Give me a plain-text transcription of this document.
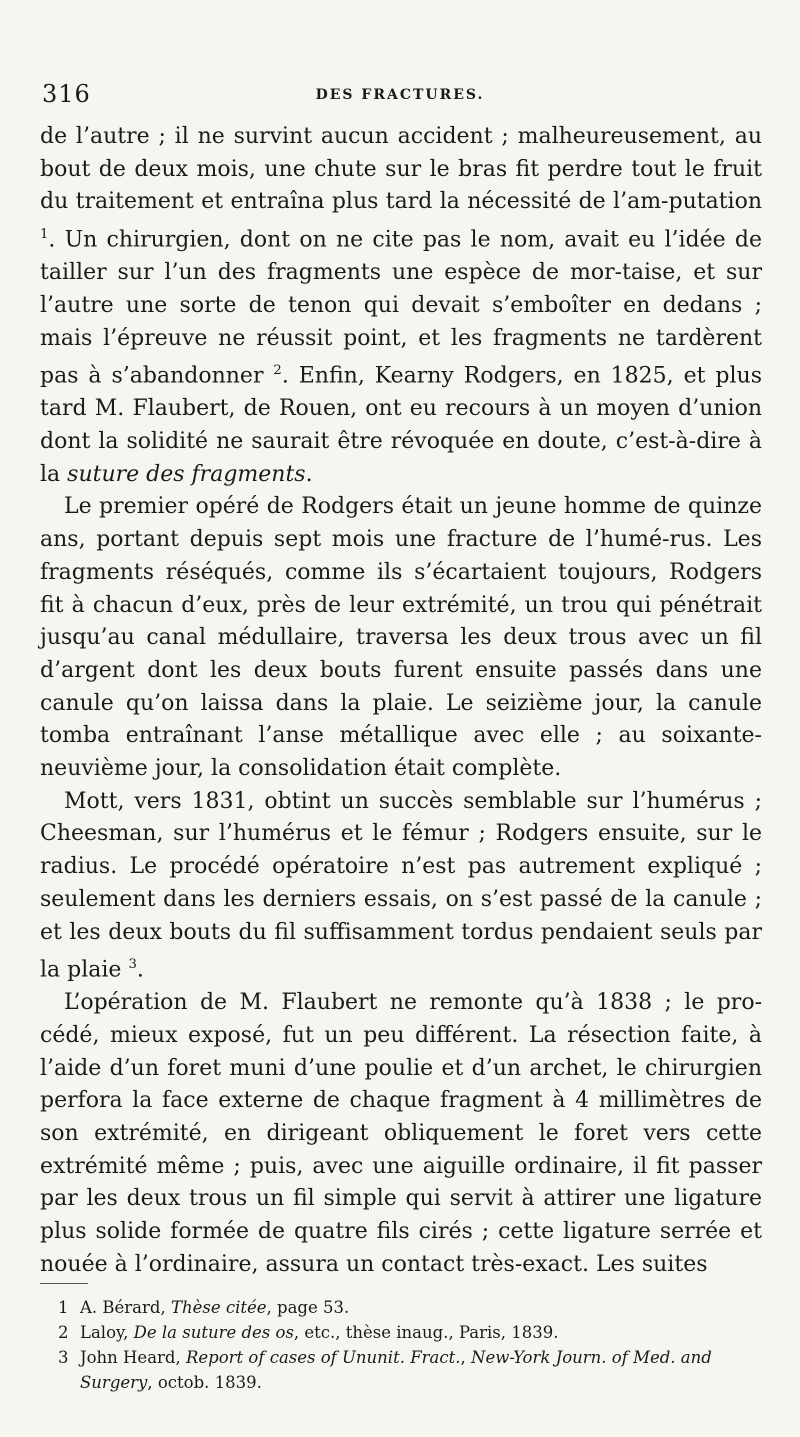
316	DES FRACTURES.

de l’autre ; il ne survint aucun accident ; malheureusement, au bout de deux mois, une chute sur le bras fit perdre tout le fruit du traitement et entraîna plus tard la nécessité de l’am-putation $^1$. Un chirurgien, dont on ne cite pas le nom, avait eu l’idée de tailler sur l’un des fragments une espèce de mor-taise, et sur l’autre une sorte de tenon qui devait s’emboîter en dedans ; mais l’épreuve ne réussit point, et les fragments ne tardèrent pas à s’abandonner $^2$. Enfin, Kearny Rodgers, en 1825, et plus tard M. Flaubert, de Rouen, ont eu recours à un moyen d’union dont la solidité ne saurait être révoquée en doute, c’est-à-dire à la suture des fragments.

Le premier opéré de Rodgers était un jeune homme de quinze ans, portant depuis sept mois une fracture de l’humé-rus. Les fragments réséqués, comme ils s’écartaient toujours, Rodgers fit à chacun d’eux, près de leur extrémité, un trou qui pénétrait jusqu’au canal médullaire, traversa les deux trous avec un fil d’argent dont les deux bouts furent ensuite passés dans une canule qu’on laissa dans la plaie. Le seizième jour, la canule tomba entraînant l’anse métallique avec elle ; au soixante-neuvième jour, la consolidation était complète.

Mott, vers 1831, obtint un succès semblable sur l’humérus ; Cheesman, sur l’humérus et le fémur ; Rodgers ensuite, sur le radius. Le procédé opératoire n’est pas autrement expliqué ; seulement dans les derniers essais, on s’est passé de la canule ; et les deux bouts du fil suffisamment tordus pendaient seuls par la plaie $^3$.

L’opération de M. Flaubert ne remonte qu’à 1838 ; le pro-cédé, mieux exposé, fut un peu différent. La résection faite, à l’aide d’un foret muni d’une poulie et d’un archet, le chirurgien perfora la face externe de chaque fragment à 4 millimètres de son extrémité, en dirigeant obliquement le foret vers cette extrémité même ; puis, avec une aiguille ordinaire, il fit passer par les deux trous un fil simple qui servit à attirer une ligature plus solide formée de quatre fils cirés ; cette ligature serrée et nouée à l’ordinaire, assura un contact très-exact. Les suites

1 A. Bérard, Thèse citée, page 53.

2 Laloy, De la suture des os, etc., thèse inaug., Paris, 1839.

3 John Heard, Report of cases of Ununit. Fract., New-York Journ. of Med. and Surgery, octob. 1839.
